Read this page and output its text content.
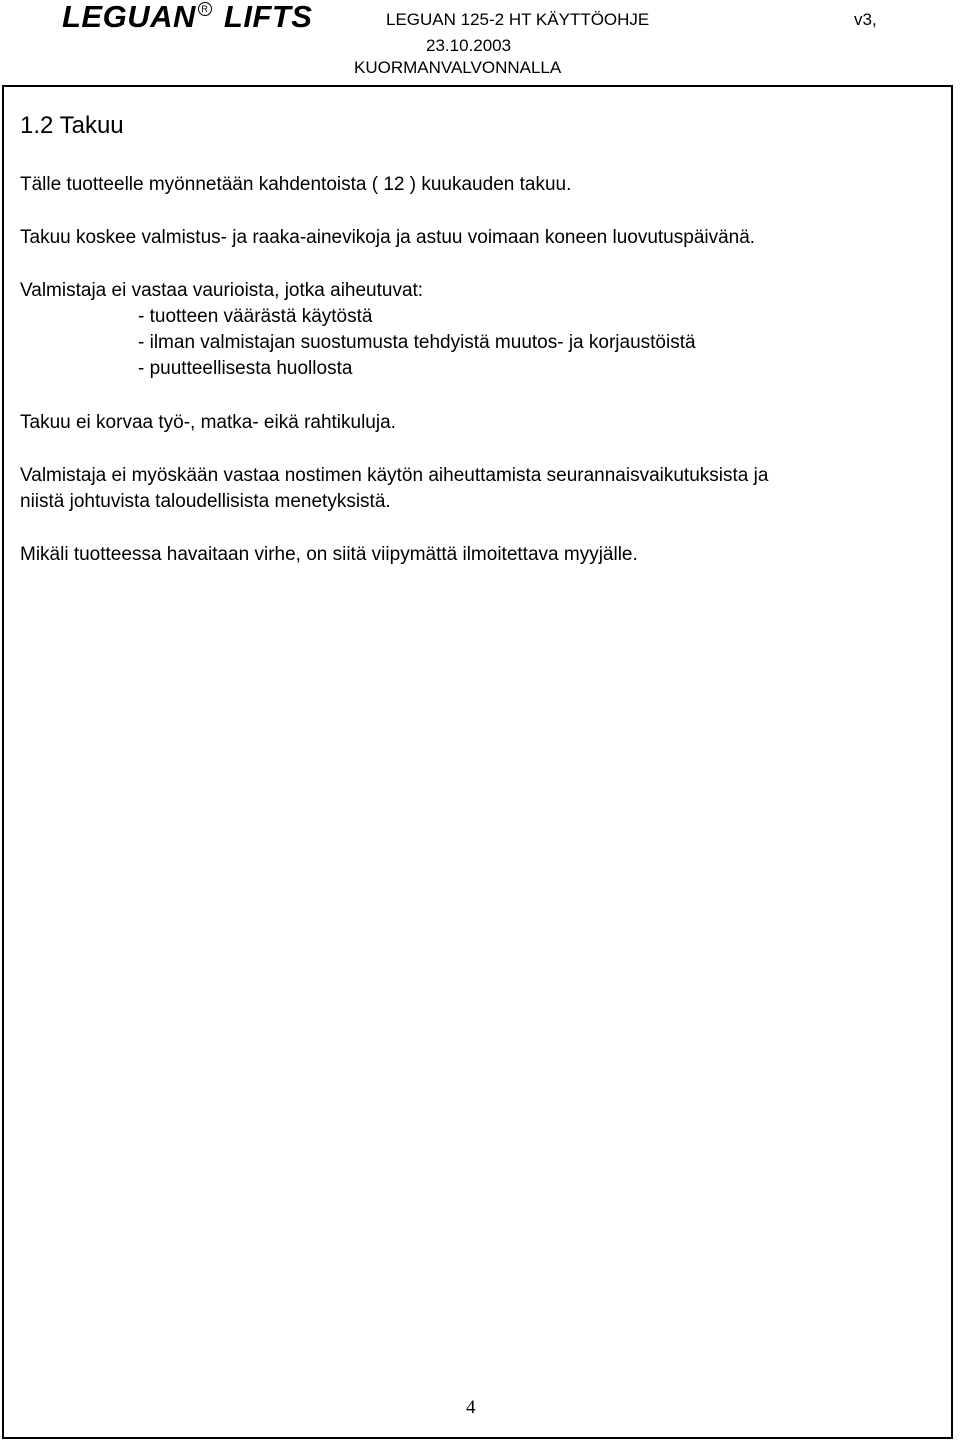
LEGUAN R LIFTS	LEGUAN 125-2 HT KÄYTTÖOHJE	v3,
23.10.2003
KUORMANVALVONNALLA
1.2 Takuu
Tälle tuotteelle myönnetään kahdentoista ( 12 ) kuukauden takuu.
Takuu koskee valmistus- ja raaka-ainevikoja ja astuu voimaan koneen luovutuspäivänä.
Valmistaja ei vastaa vaurioista, jotka aiheutuvat:
- tuotteen väärästä käytöstä
- ilman valmistajan suostumusta tehdyistä muutos- ja korjaustöistä
- puutteellisesta huollosta
Takuu ei korvaa työ-, matka- eikä rahtikuluja.
Valmistaja ei myöskään vastaa nostimen käytön aiheuttamista seurannaisvaikutuksista ja
niistä johtuvista taloudellisista menetyksistä.
Mikäli tuotteessa havaitaan virhe, on siitä viipymättä ilmoitettava myyjälle.
4
